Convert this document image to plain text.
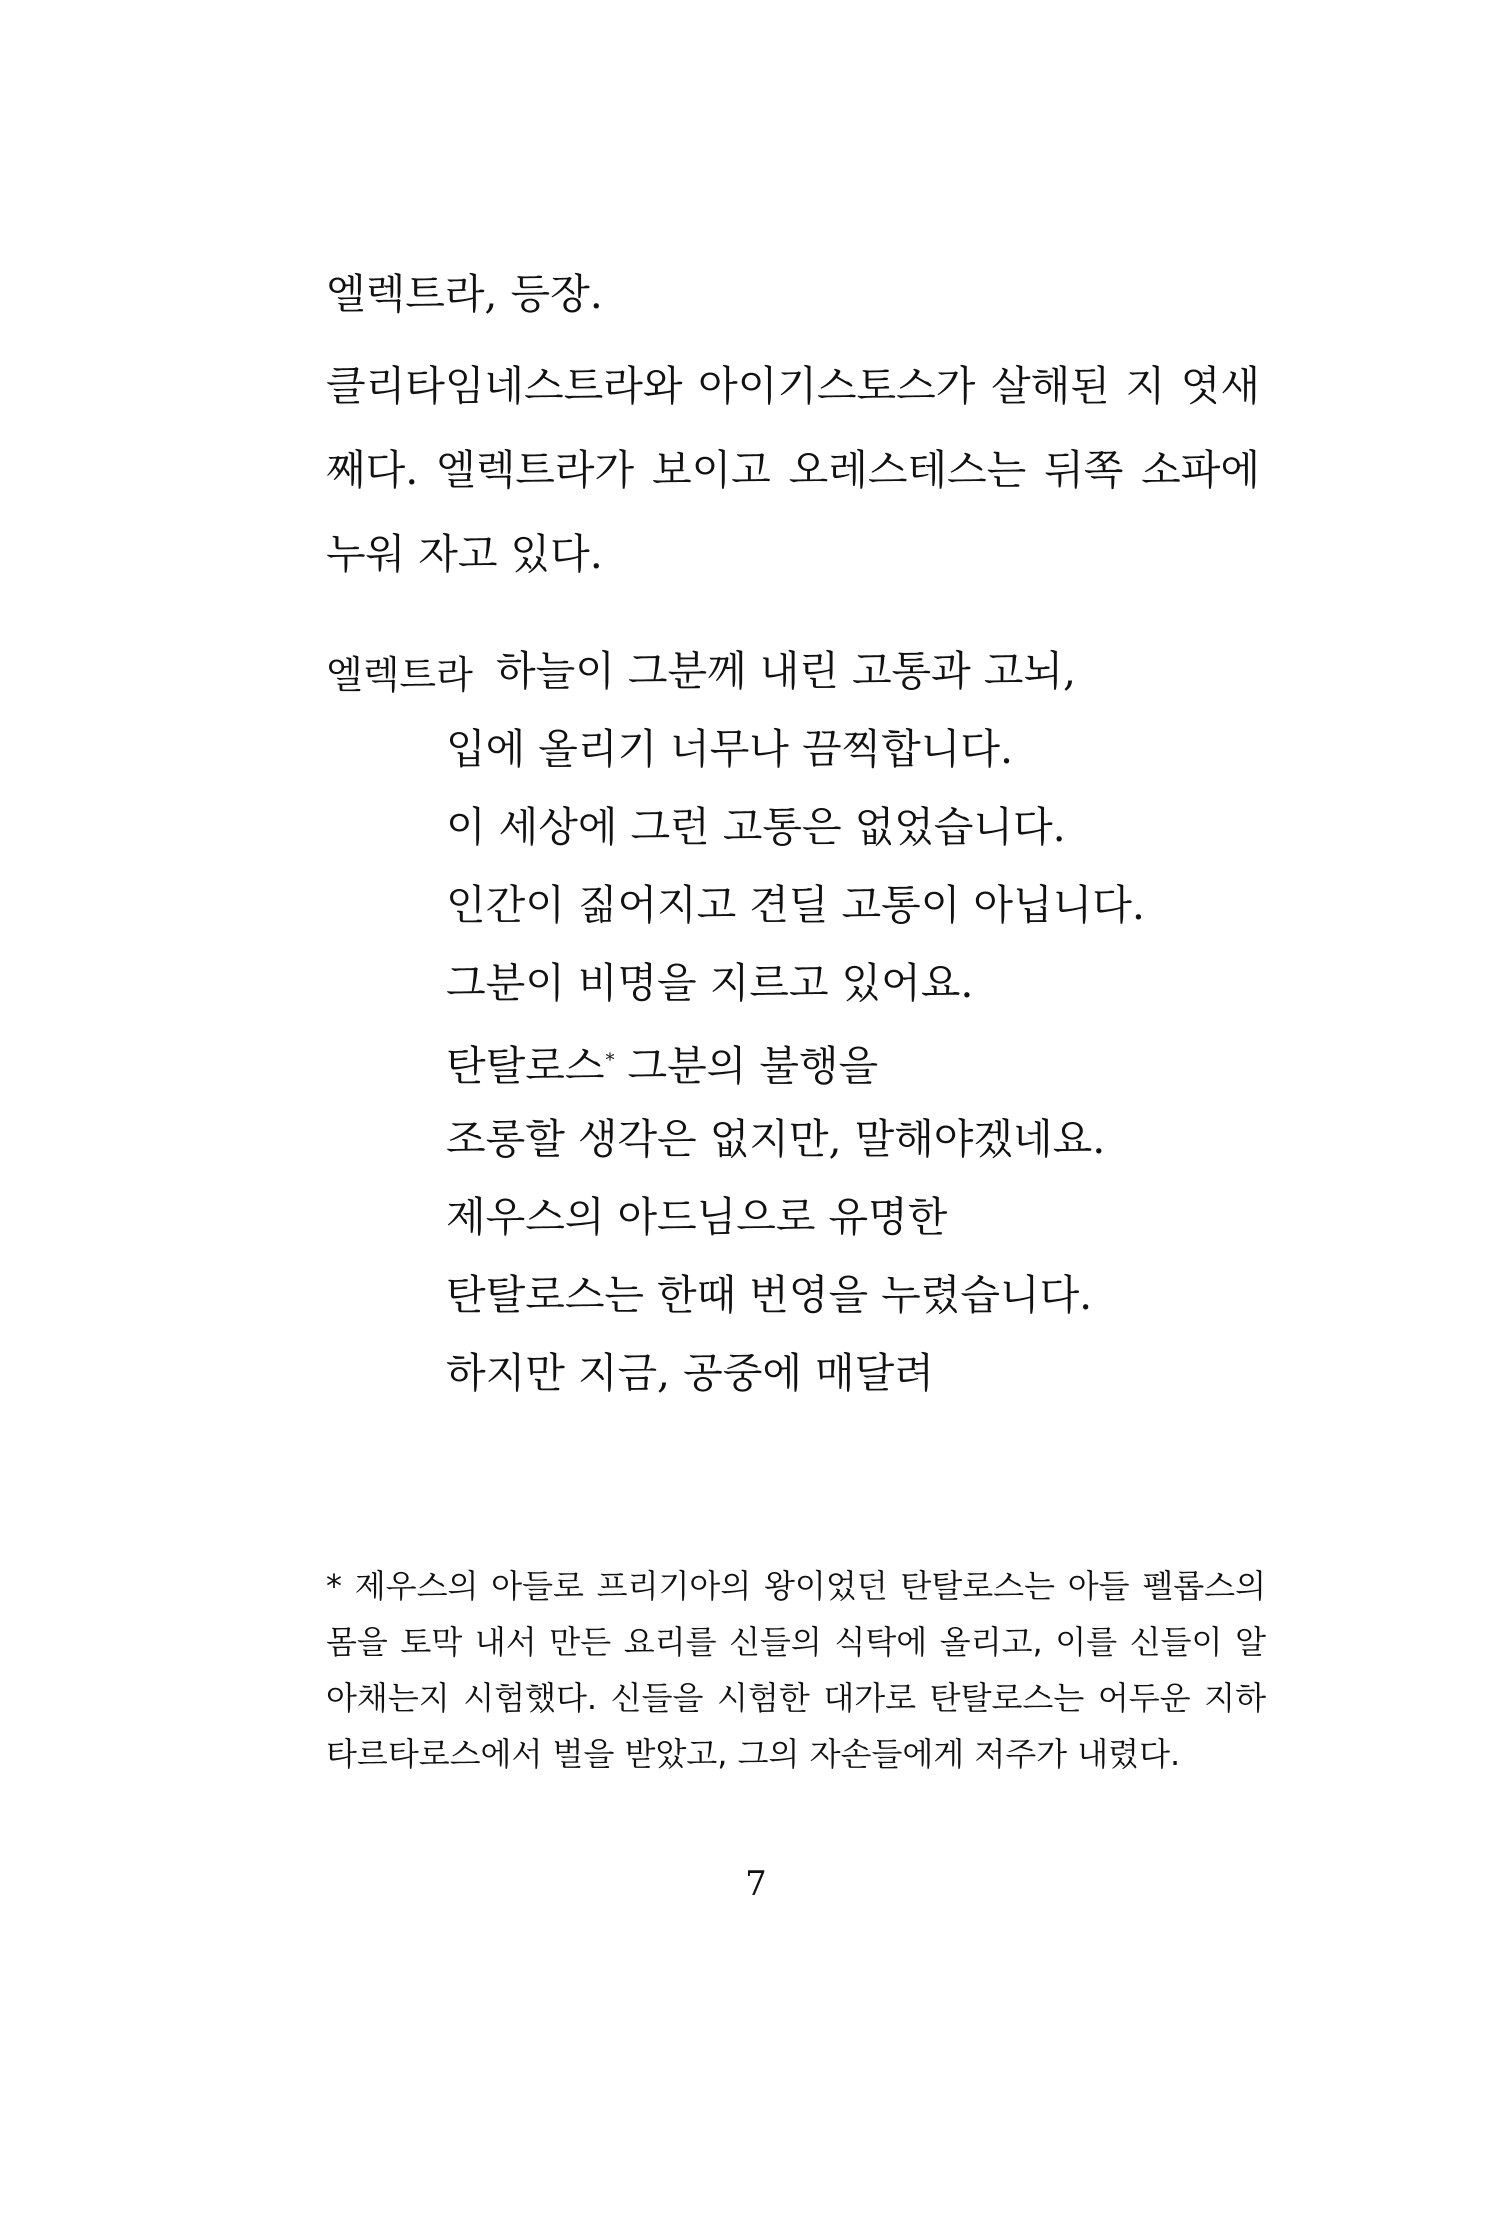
엘렉트라, 등장.

클리타임네스트라와 아이기스토스가 살해된 지 엿새째다. 엘렉트라가 보이고 오레스테스는 뒤쪽 소파에 누워 자고 있다.

엘렉트라 하늘이 그분께 내린 고통과 고뇌,
입에 올리기 너무나 끔찍합니다.
이 세상에 그런 고통은 없었습니다.
인간이 짊어지고 견딜 고통이 아닙니다.
그분이 비명을 지르고 있어요.
탄탈로스* 그분의 불행을
조롱할 생각은 없지만, 말해야겠네요.
제우스의 아드님으로 유명한
탄탈로스는 한때 번영을 누렸습니다.
하지만 지금, 공중에 매달려
* 제우스의 아들로 프리기아의 왕이었던 탄탈로스는 아들 펠롭스의 몸을 토막 내서 만든 요리를 신들의 식탁에 올리고, 이를 신들이 알아채는지 시험했다. 신들을 시험한 대가로 탄탈로스는 어두운 지하 타르타로스에서 벌을 받았고, 그의 자손들에게 저주가 내렸다.
7
